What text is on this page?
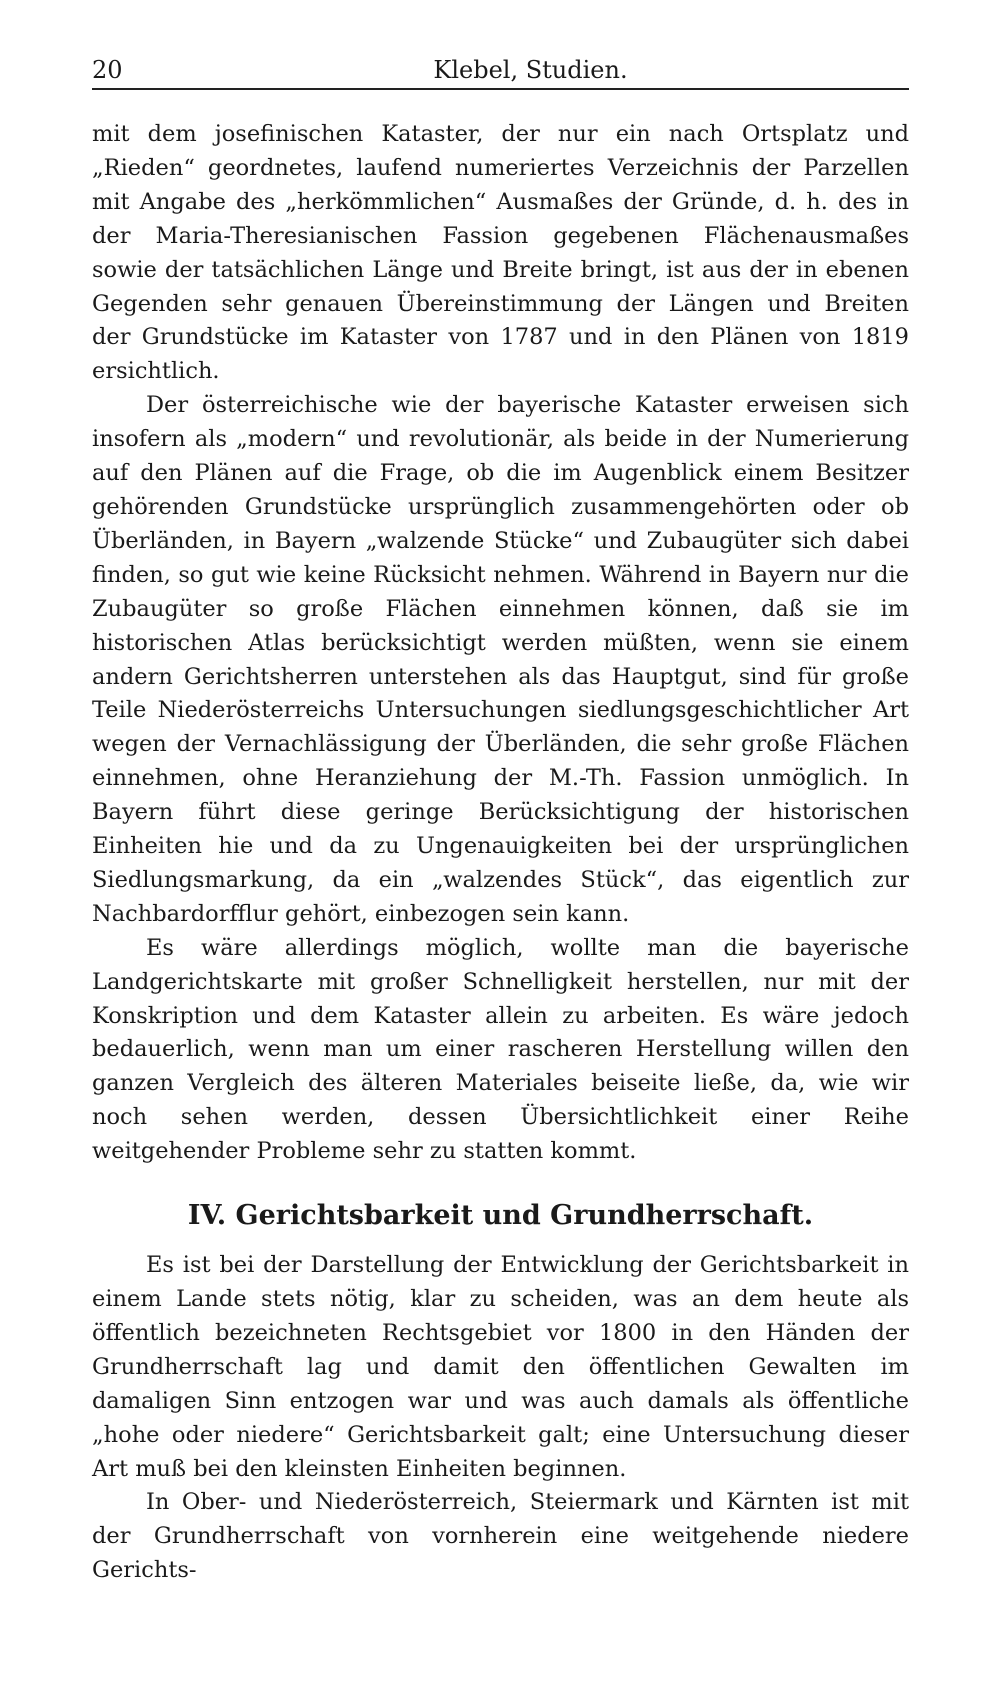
20	Klebel, Studien.

mit dem josefinischen Kataster, der nur ein nach Ortsplatz und „Rieden“ geordnetes, laufend numeriertes Verzeichnis der Parzellen mit Angabe des „herkömmlichen“ Ausmaßes der Gründe, d. h. des in der Maria-Theresianischen Fassion gegebenen Flächenausmaßes sowie der tatsächlichen Länge und Breite bringt, ist aus der in ebenen Gegenden sehr genauen Übereinstimmung der Längen und Breiten der Grundstücke im Kataster von 1787 und in den Plänen von 1819 ersichtlich.

Der österreichische wie der bayerische Kataster erweisen sich insofern als „modern“ und revolutionär, als beide in der Numerierung auf den Plänen auf die Frage, ob die im Augenblick einem Besitzer gehörenden Grundstücke ursprünglich zusammengehörten oder ob Überländen, in Bayern „walzende Stücke“ und Zubaugüter sich dabei finden, so gut wie keine Rücksicht nehmen. Während in Bayern nur die Zubaugüter so große Flächen einnehmen können, daß sie im historischen Atlas berücksichtigt werden müßten, wenn sie einem andern Gerichtsherren unterstehen als das Hauptgut, sind für große Teile Niederösterreichs Untersuchungen siedlungsgeschichtlicher Art wegen der Vernachlässigung der Überländen, die sehr große Flächen einnehmen, ohne Heranziehung der M.-Th. Fassion unmöglich. In Bayern führt diese geringe Berücksichtigung der historischen Einheiten hie und da zu Ungenauigkeiten bei der ursprünglichen Siedlungsmarkung, da ein „walzendes Stück“, das eigentlich zur Nachbardorfflur gehört, einbezogen sein kann.

Es wäre allerdings möglich, wollte man die bayerische Landgerichtskarte mit großer Schnelligkeit herstellen, nur mit der Konskription und dem Kataster allein zu arbeiten. Es wäre jedoch bedauerlich, wenn man um einer rascheren Herstellung willen den ganzen Vergleich des älteren Materiales beiseite ließe, da, wie wir noch sehen werden, dessen Übersichtlichkeit einer Reihe weitgehender Probleme sehr zu statten kommt.

IV. Gerichtsbarkeit und Grundherrschaft.

Es ist bei der Darstellung der Entwicklung der Gerichtsbarkeit in einem Lande stets nötig, klar zu scheiden, was an dem heute als öffentlich bezeichneten Rechtsgebiet vor 1800 in den Händen der Grundherrschaft lag und damit den öffentlichen Gewalten im damaligen Sinn entzogen war und was auch damals als öffentliche „hohe oder niedere“ Gerichtsbarkeit galt; eine Untersuchung dieser Art muß bei den kleinsten Einheiten beginnen.

In Ober- und Niederösterreich, Steiermark und Kärnten ist mit der Grundherrschaft von vornherein eine weitgehende niedere Gerichts-
